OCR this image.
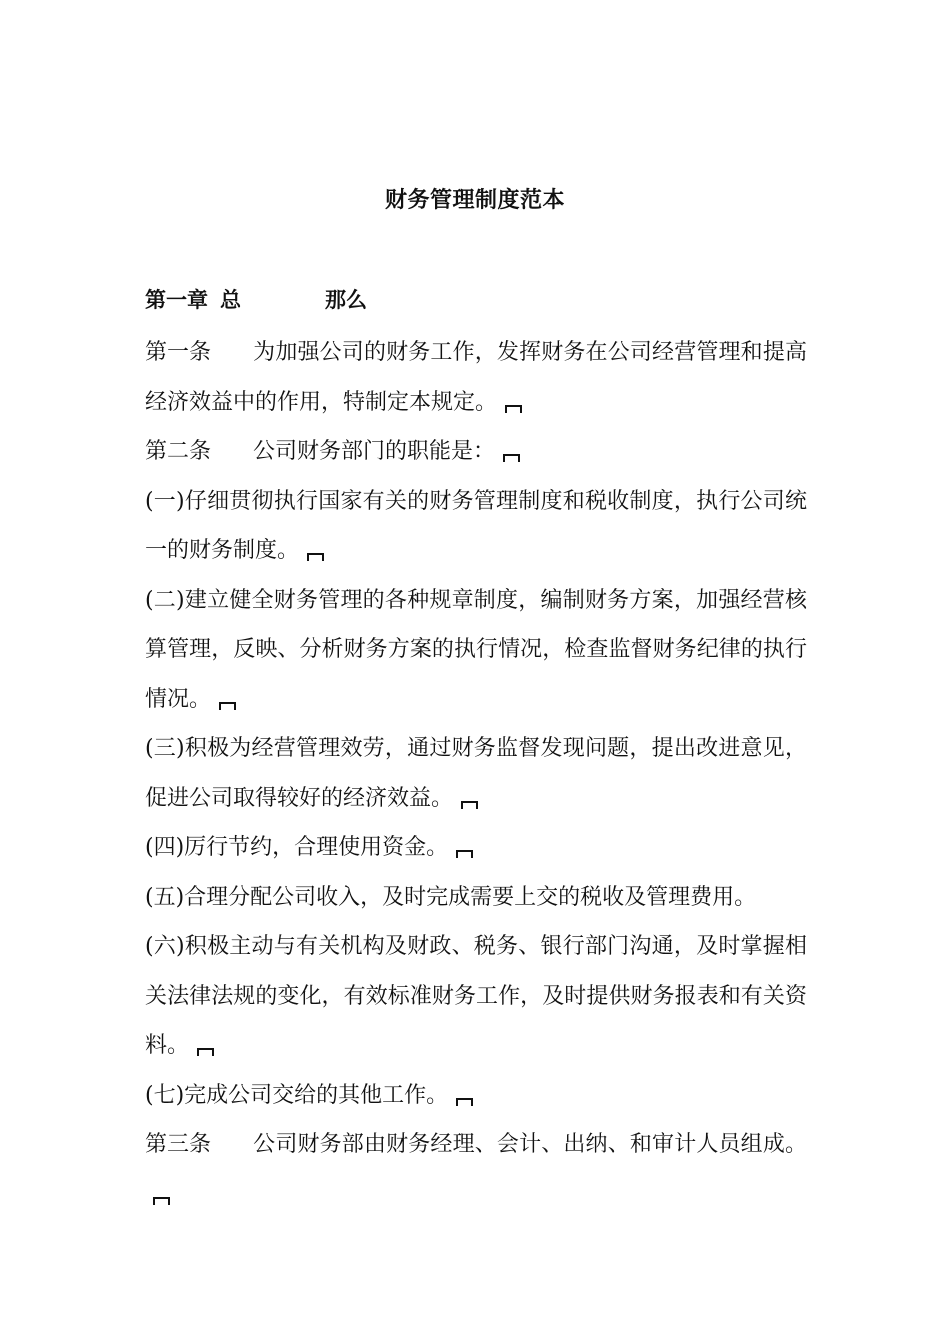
财务管理制度范本
第一章 总	那么

第一条 为加强公司的财务工作，发挥财务在公司经营管理和提高经济效益中的作用，特制定本规定。

第二条 公司财务部门的职能是：

(一)仔细贯彻执行国家有关的财务管理制度和税收制度，执行公司统一的财务制度。

(二)建立健全财务管理的各种规章制度，编制财务方案，加强经营核算管理，反映、分析财务方案的执行情况，检查监督财务纪律的执行情况。

(三)积极为经营管理效劳，通过财务监督发现问题，提出改进意见，促进公司取得较好的经济效益。

(四)厉行节约，合理使用资金。

(五)合理分配公司收入，及时完成需要上交的税收及管理费用。

(六)积极主动与有关机构及财政、税务、银行部门沟通，及时掌握相关法律法规的变化，有效标准财务工作，及时提供财务报表和有关资料。

(七)完成公司交给的其他工作。

第三条 公司财务部由财务经理、会计、出纳、和审计人员组成。
